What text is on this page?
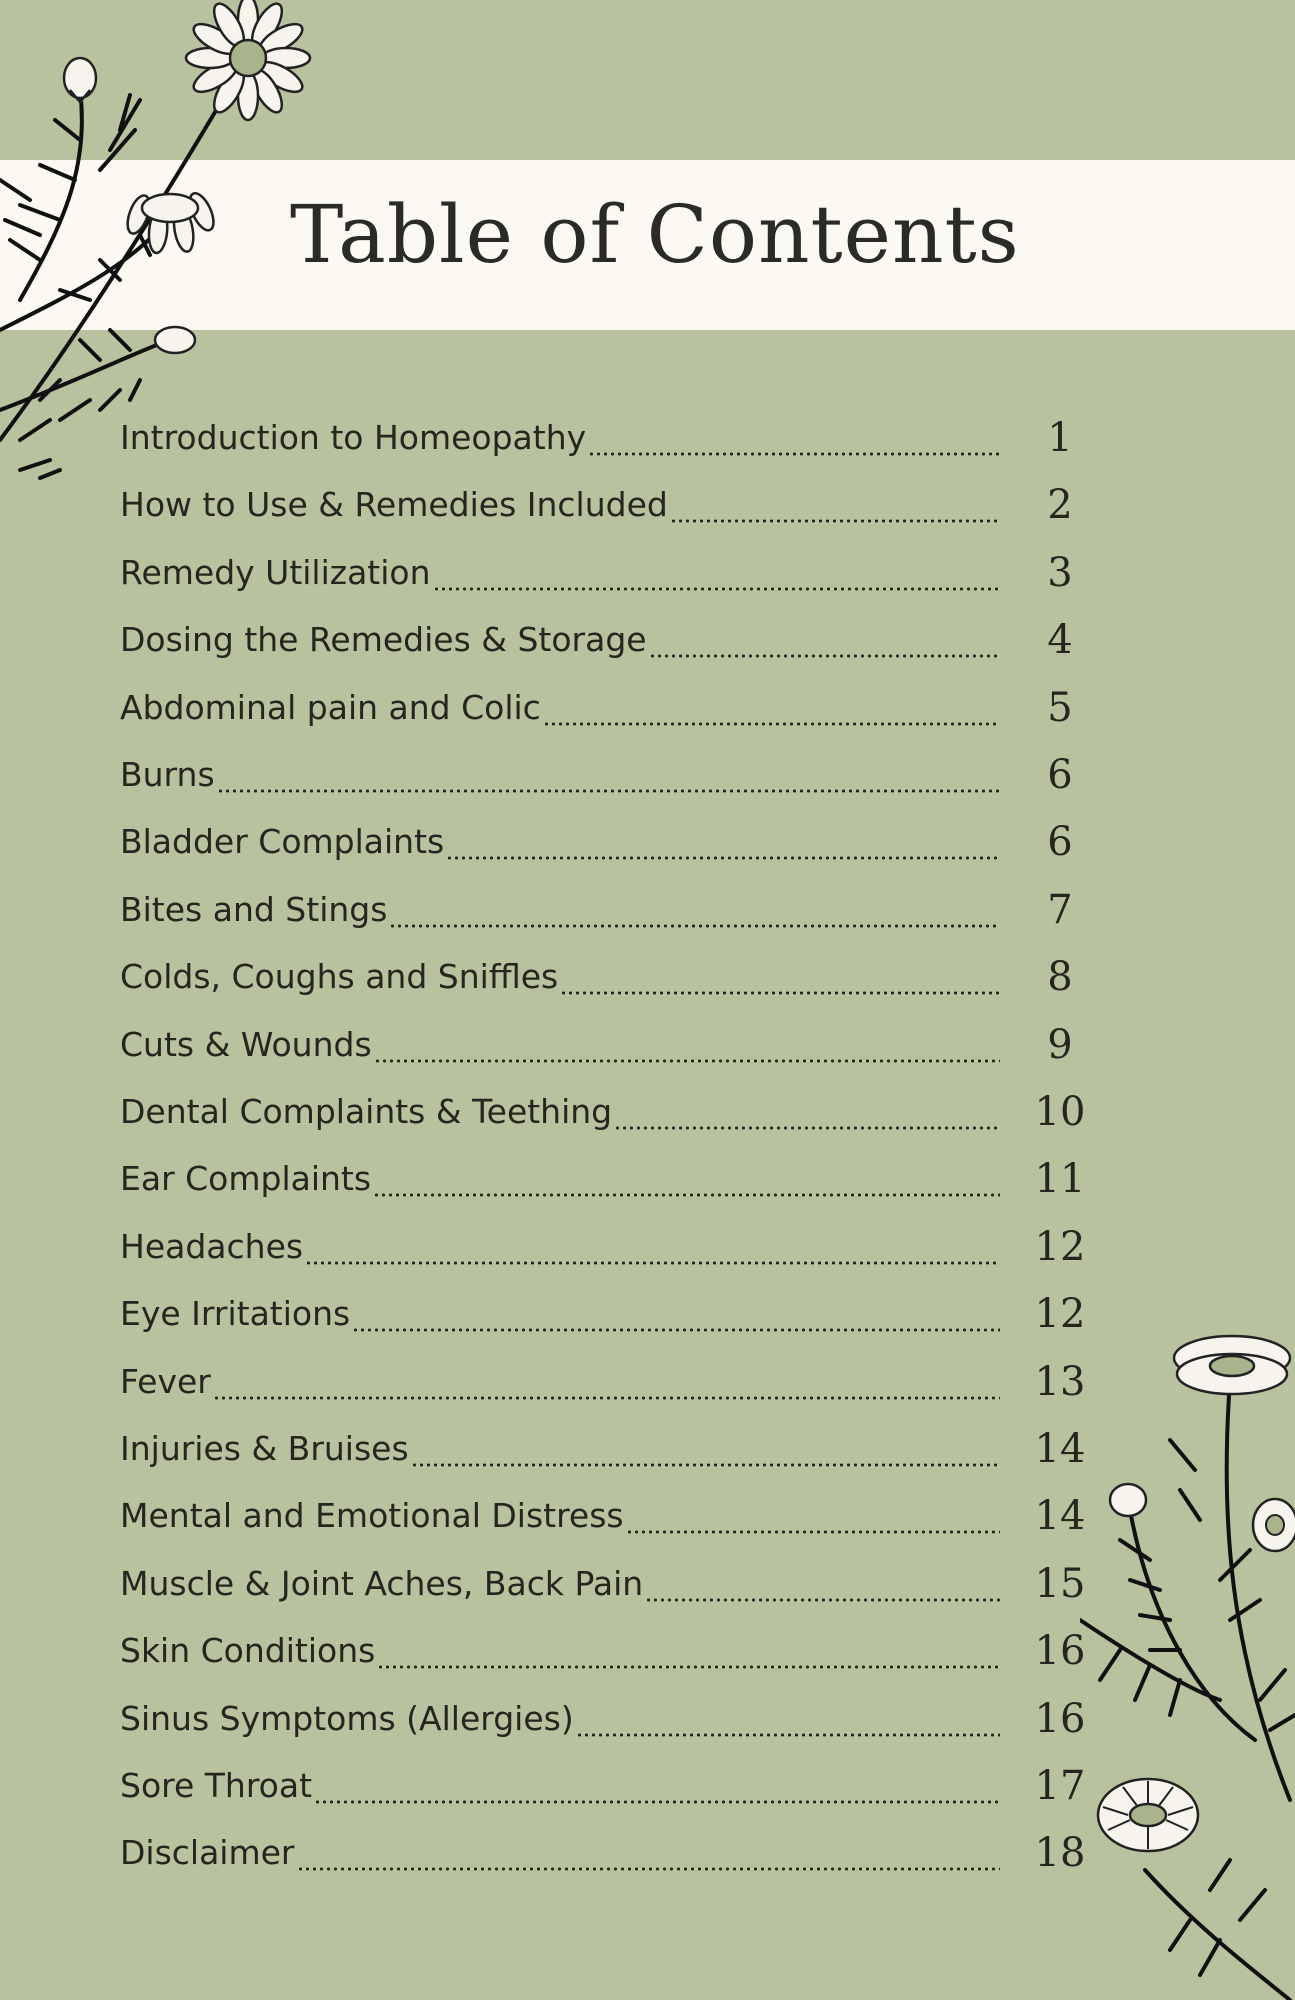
Table of Contents
Introduction to Homeopathy	1
How to Use & Remedies Included	2
Remedy Utilization	3
Dosing the Remedies & Storage	4
Abdominal pain and Colic	5
Burns	6
Bladder Complaints	6
Bites and Stings	7
Colds, Coughs and Sniffles	8
Cuts & Wounds	9
Dental Complaints & Teething	10
Ear Complaints	11
Headaches	12
Eye Irritations	12
Fever	13
Injuries & Bruises	14
Mental and Emotional Distress	14
Muscle & Joint Aches, Back Pain	15
Skin Conditions	16
Sinus Symptoms (Allergies)	16
Sore Throat	17
Disclaimer	18
